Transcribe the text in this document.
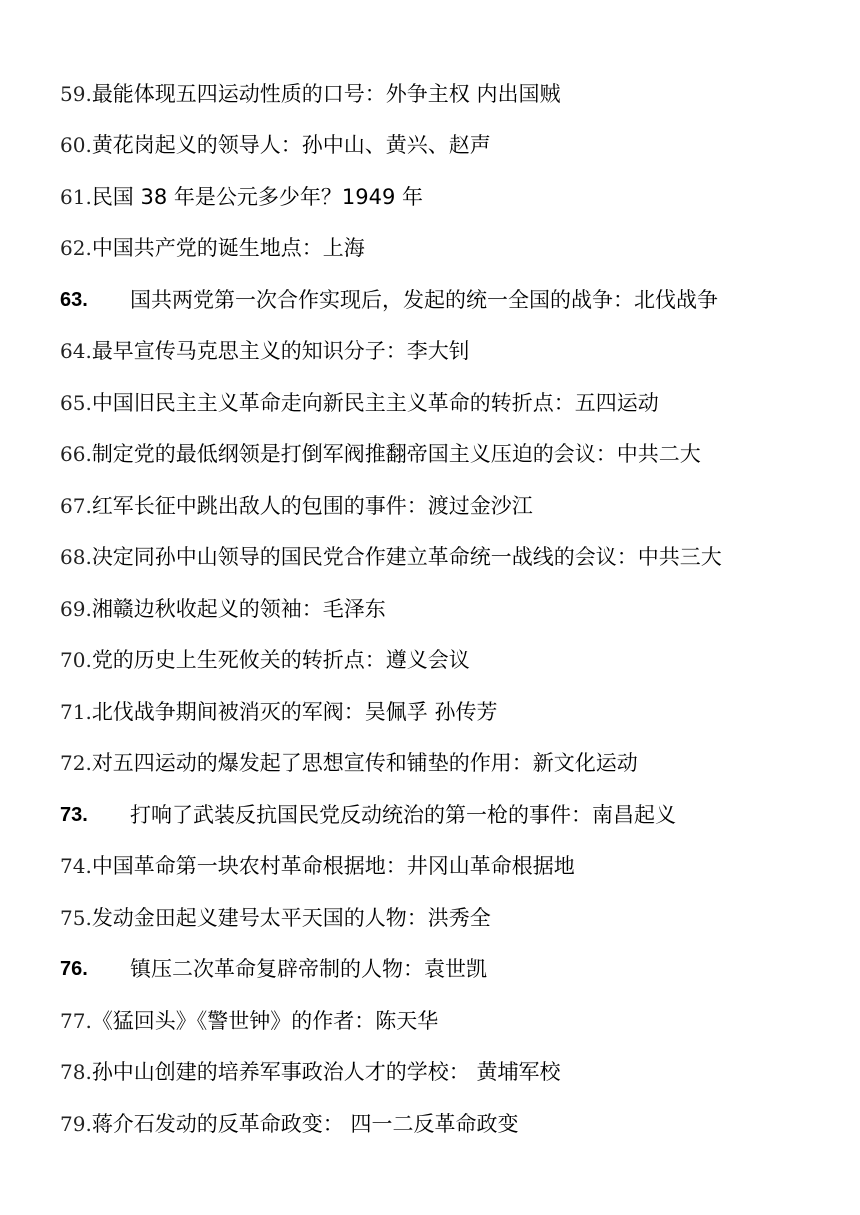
59. 最能体现五四运动性质的口号：外争主权 内出国贼
60. 黄花岗起义的领导人：孙中山、黄兴、赵声
61. 民国 38 年是公元多少年？1949 年
62. 中国共产党的诞生地点：上海
63.	国共两党第一次合作实现后，发起的统一全国的战争：北伐战争
64. 最早宣传马克思主义的知识分子：李大钊
65. 中国旧民主主义革命走向新民主主义革命的转折点：五四运动
66. 制定党的最低纲领是打倒军阀推翻帝国主义压迫的会议：中共二大
67. 红军长征中跳出敌人的包围的事件：渡过金沙江
68. 决定同孙中山领导的国民党合作建立革命统一战线的会议：中共三大
69. 湘赣边秋收起义的领袖：毛泽东
70. 党的历史上生死攸关的转折点：遵义会议
71. 北伐战争期间被消灭的军阀：吴佩孚 孙传芳
72. 对五四运动的爆发起了思想宣传和铺垫的作用：新文化运动
73.	打响了武装反抗国民党反动统治的第一枪的事件：南昌起义
74. 中国革命第一块农村革命根据地：井冈山革命根据地
75. 发动金田起义建号太平天国的人物：洪秀全
76.	镇压二次革命复辟帝制的人物：袁世凯
77. 《猛回头》《警世钟》的作者：陈天华
78. 孙中山创建的培养军事政治人才的学校： 黄埔军校
79. 蒋介石发动的反革命政变： 四一二反革命政变
